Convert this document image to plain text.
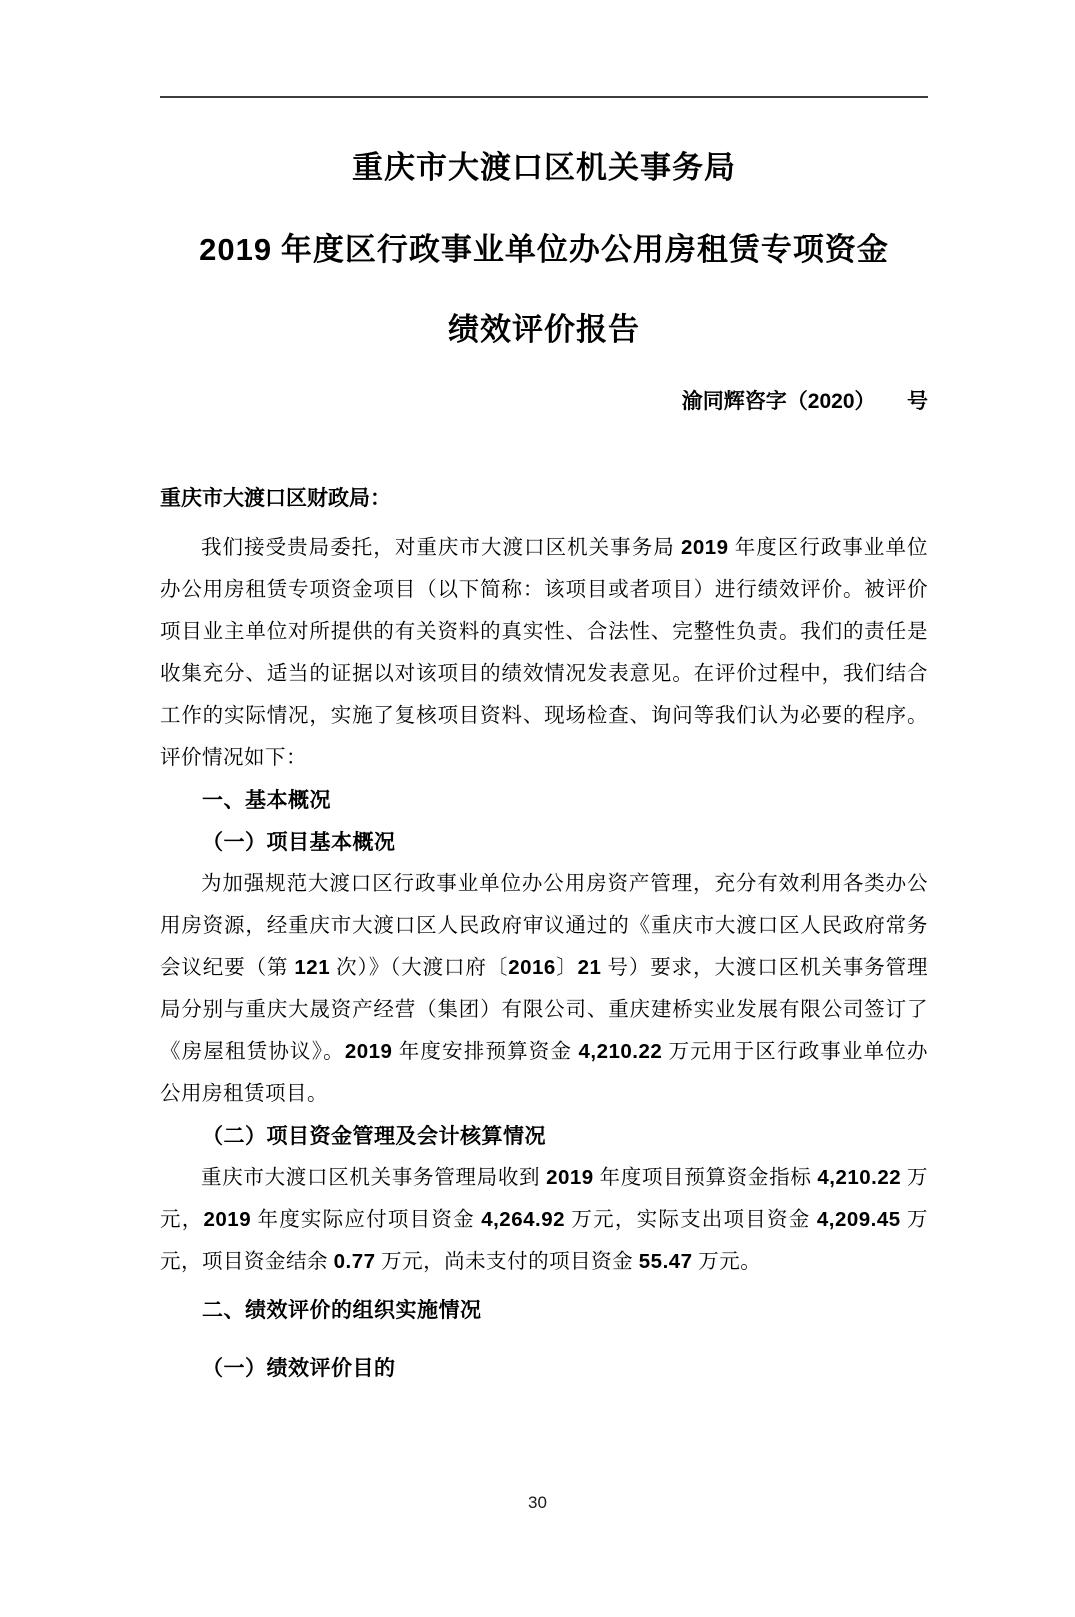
重庆市大渡口区机关事务局
2019 年度区行政事业单位办公用房租赁专项资金
绩效评价报告
渝同辉咨字（2020）　　号
重庆市大渡口区财政局：

我们接受贵局委托，对重庆市大渡口区机关事务局 2019 年度区行政事业单位办公用房租赁专项资金项目（以下简称：该项目或者项目）进行绩效评价。被评价项目业主单位对所提供的有关资料的真实性、合法性、完整性负责。我们的责任是收集充分、适当的证据以对该项目的绩效情况发表意见。在评价过程中，我们结合工作的实际情况，实施了复核项目资料、现场检查、询问等我们认为必要的程序。评价情况如下：

一、基本概况

（一）项目基本概况

为加强规范大渡口区行政事业单位办公用房资产管理，充分有效利用各类办公用房资源，经重庆市大渡口区人民政府审议通过的《重庆市大渡口区人民政府常务会议纪要（第 121 次）》（大渡口府〔2016〕21 号）要求，大渡口区机关事务管理局分别与重庆大晟资产经营（集团）有限公司、重庆建桥实业发展有限公司签订了《房屋租赁协议》。2019 年度安排预算资金 4,210.22 万元用于区行政事业单位办公用房租赁项目。

（二）项目资金管理及会计核算情况

重庆市大渡口区机关事务管理局收到 2019 年度项目预算资金指标 4,210.22 万元，2019 年度实际应付项目资金 4,264.92 万元，实际支出项目资金 4,209.45 万元，项目资金结余 0.77 万元，尚未支付的项目资金 55.47 万元。

二、绩效评价的组织实施情况

（一）绩效评价目的

30
